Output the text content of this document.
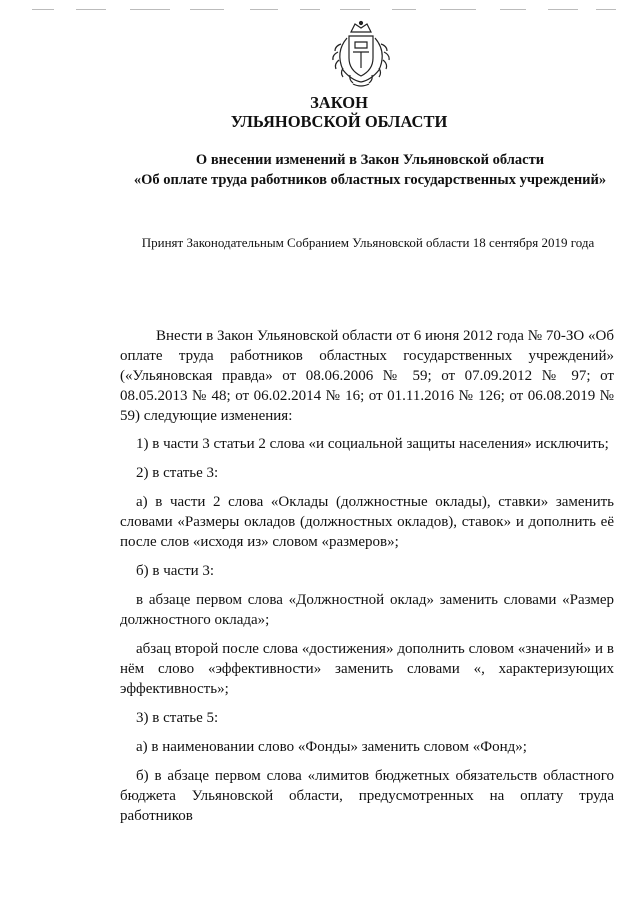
ЗАКОН
УЛЬЯНОВСКОЙ ОБЛАСТИ
О внесении изменений в Закон Ульяновской области
«Об оплате труда работников областных государственных учреждений»
Принят Законодательным Собранием Ульяновской области 18 сентября 2019 года

Внести в Закон Ульяновской области от 6 июня 2012 года № 70-ЗО «Об оплате труда работников областных государственных учреждений» («Ульяновская правда» от 08.06.2006 № 59; от 07.09.2012 № 97; от 08.05.2013 № 48; от 06.02.2014 № 16; от 01.11.2016 № 126; от 06.08.2019 № 59) следующие изменения:

1) в части 3 статьи 2 слова «и социальной защиты населения» исключить;

2) в статье 3:

а) в части 2 слова «Оклады (должностные оклады), ставки» заменить словами «Размеры окладов (должностных окладов), ставок» и дополнить её после слов «исходя из» словом «размеров»;

б) в части 3:

в абзаце первом слова «Должностной оклад» заменить словами «Размер должностного оклада»;

абзац второй после слова «достижения» дополнить словом «значений» и в нём слово «эффективности» заменить словами «, характеризующих эффективность»;

3) в статье 5:

а) в наименовании слово «Фонды» заменить словом «Фонд»;

б) в абзаце первом слова «лимитов бюджетных обязательств областного бюджета Ульяновской области, предусмотренных на оплату труда работников
